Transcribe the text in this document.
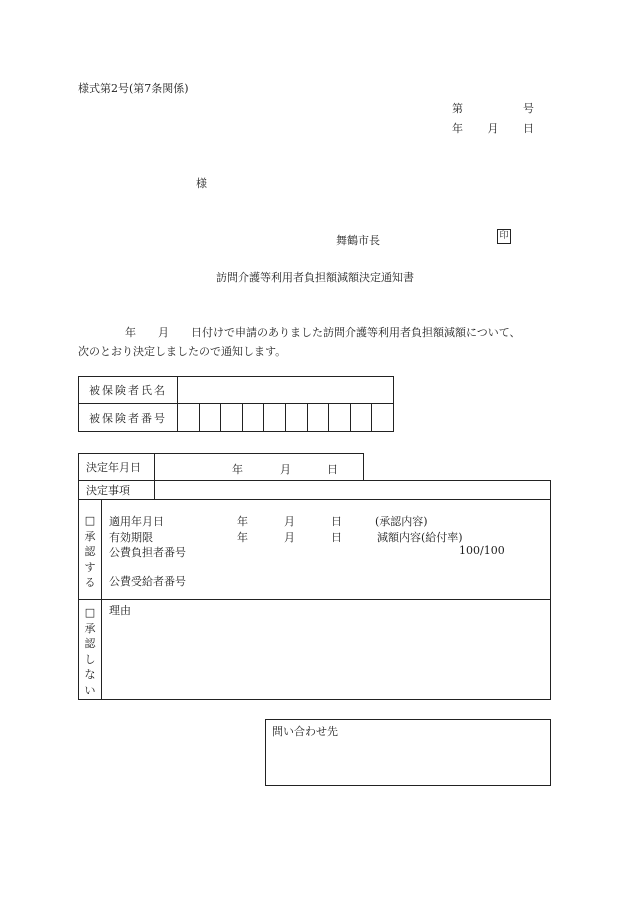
様式第2号(第7条関係)
第	号
年 月 日
様
舞鶴市長	印
訪問介護等利用者負担額減額決定通知書
年 月 日付けで申請のありました訪問介護等利用者負担額減額について、
次のとおり決定しましたので通知します。
被保険者氏名
被保険者番号
決定年月日	年	月	日
決定事項
□
承
認
す
る
適用年月日	年	月	日	(承認内容)
有効期限	年	月	日	減額内容(給付率)
公費負担者番号	100/100
公費受給者番号
□
承
認
し
な
い
理由
問い合わせ先
